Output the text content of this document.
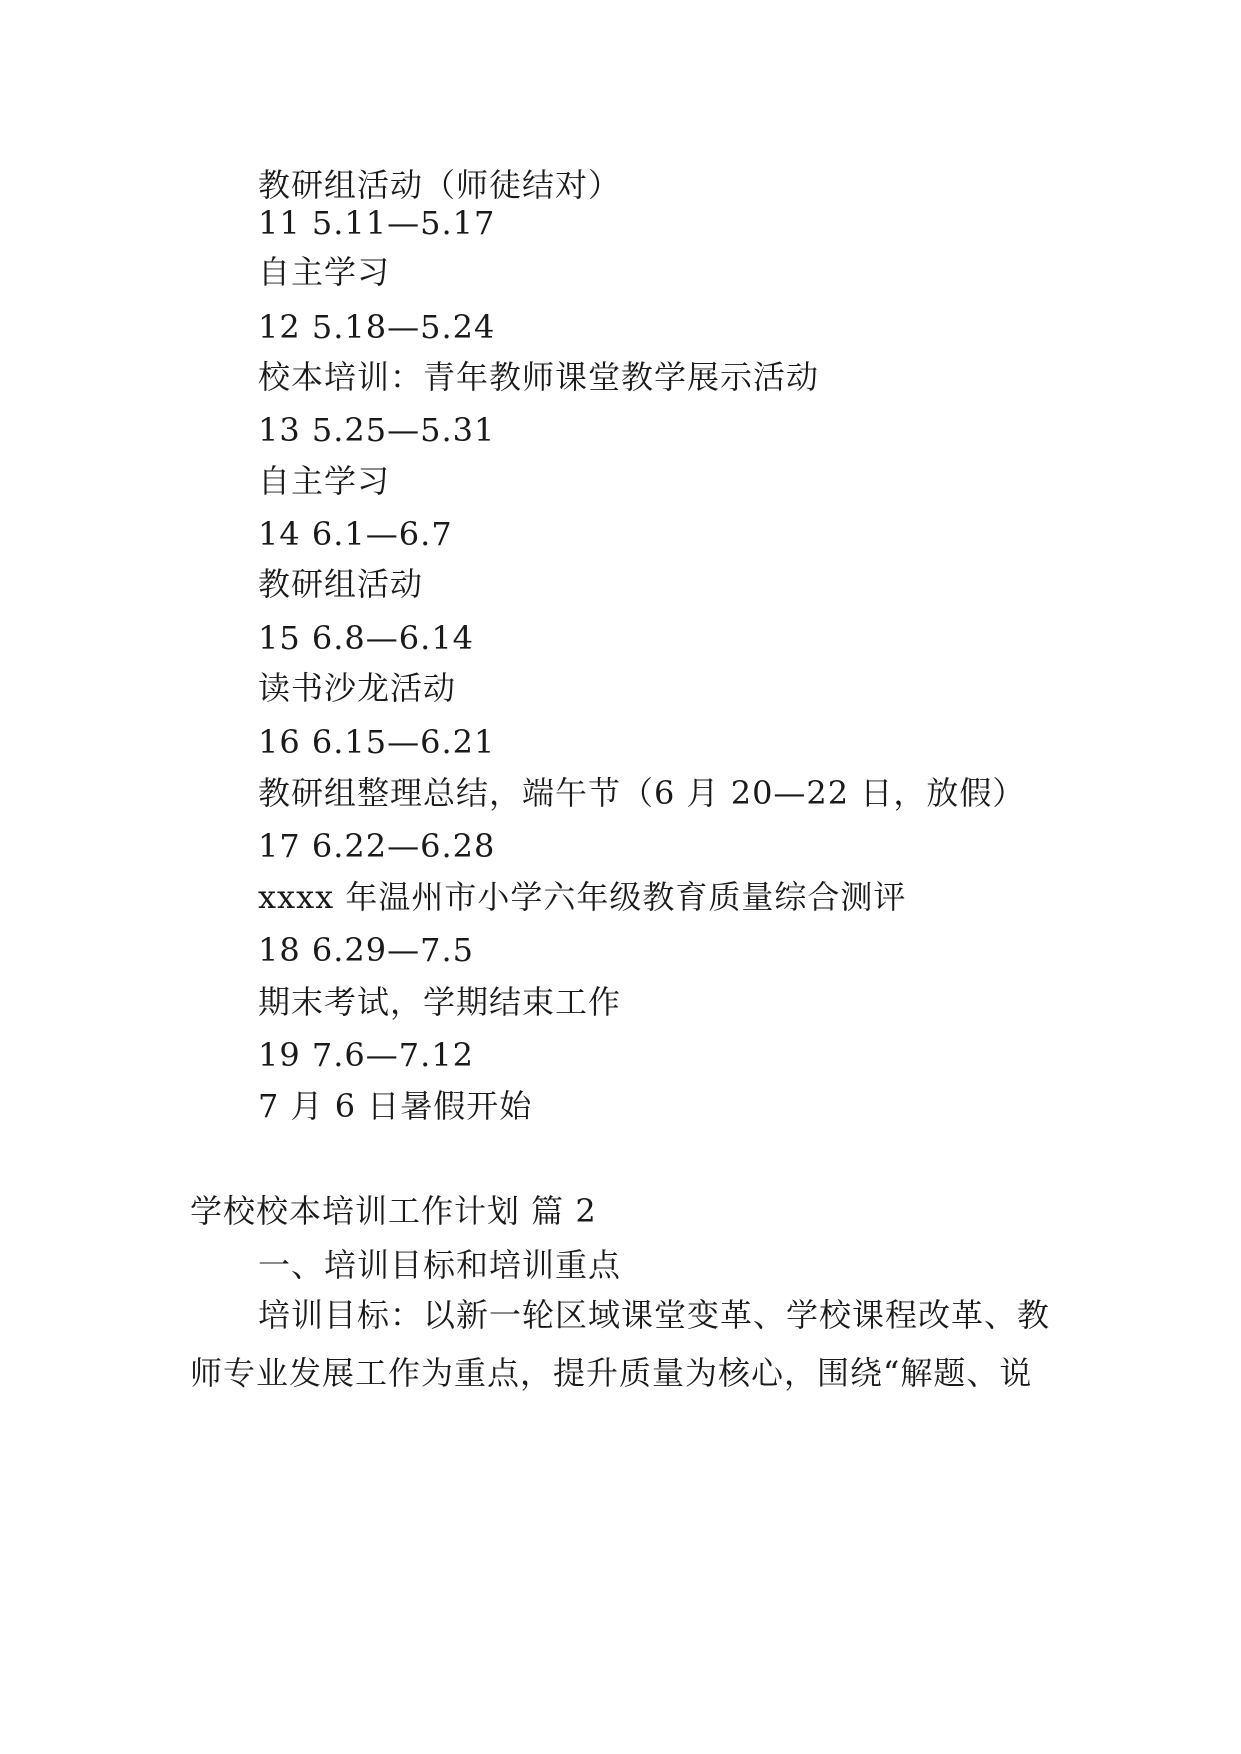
教研组活动（师徒结对）
11 5.11—5.17
自主学习
12 5.18—5.24
校本培训：青年教师课堂教学展示活动
13 5.25—5.31
自主学习
14 6.1—6.7
教研组活动
15 6.8—6.14
读书沙龙活动
16 6.15—6.21
教研组整理总结，端午节（6 月 20—22 日，放假）
17 6.22—6.28
xxxx 年温州市小学六年级教育质量综合测评
18 6.29—7.5
期末考试，学期结束工作
19 7.6—7.12
7 月 6 日暑假开始
学校校本培训工作计划 篇 2
一、培训目标和培训重点
培训目标：以新一轮区域课堂变革、学校课程改革、教师专业发展工作为重点，提升质量为核心，围绕“解题、说
